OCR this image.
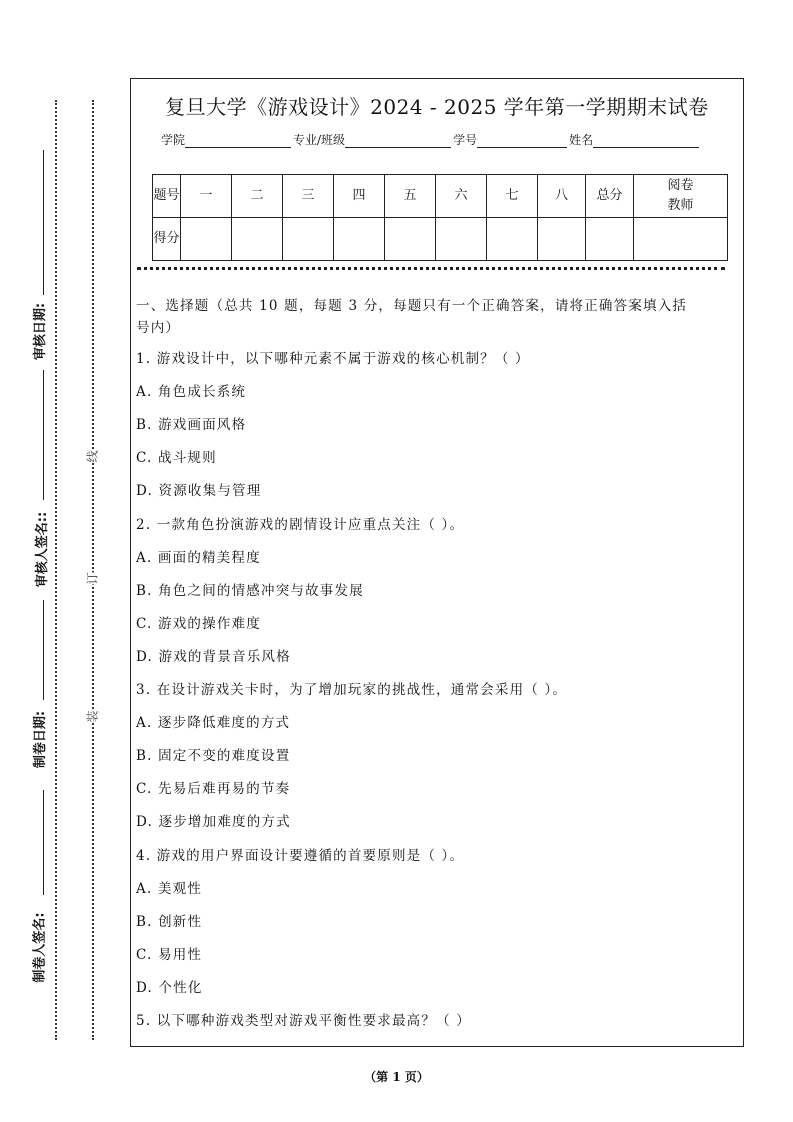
审核日期:
审核人签名::
制卷日期:
制卷人签名:
线
订
装
复旦大学《游戏设计》2024 - 2025 学年第一学期期末试卷
学院	专业/班级	学号	姓名
题号	一	二	三	四	五	六	七	八	总分	阅卷教师
得分										
一、选择题（总共 10 题，每题 3 分，每题只有一个正确答案，请将正确答案填入括
号内）
1. 游戏设计中，以下哪种元素不属于游戏的核心机制？（ ）
A. 角色成长系统
B. 游戏画面风格
C. 战斗规则
D. 资源收集与管理
2. 一款角色扮演游戏的剧情设计应重点关注（ ）。
A. 画面的精美程度
B. 角色之间的情感冲突与故事发展
C. 游戏的操作难度
D. 游戏的背景音乐风格
3. 在设计游戏关卡时，为了增加玩家的挑战性，通常会采用（ ）。
A. 逐步降低难度的方式
B. 固定不变的难度设置
C. 先易后难再易的节奏
D. 逐步增加难度的方式
4. 游戏的用户界面设计要遵循的首要原则是（ ）。
A. 美观性
B. 创新性
C. 易用性
D. 个性化
5. 以下哪种游戏类型对游戏平衡性要求最高？（ ）
（第 1 页）
